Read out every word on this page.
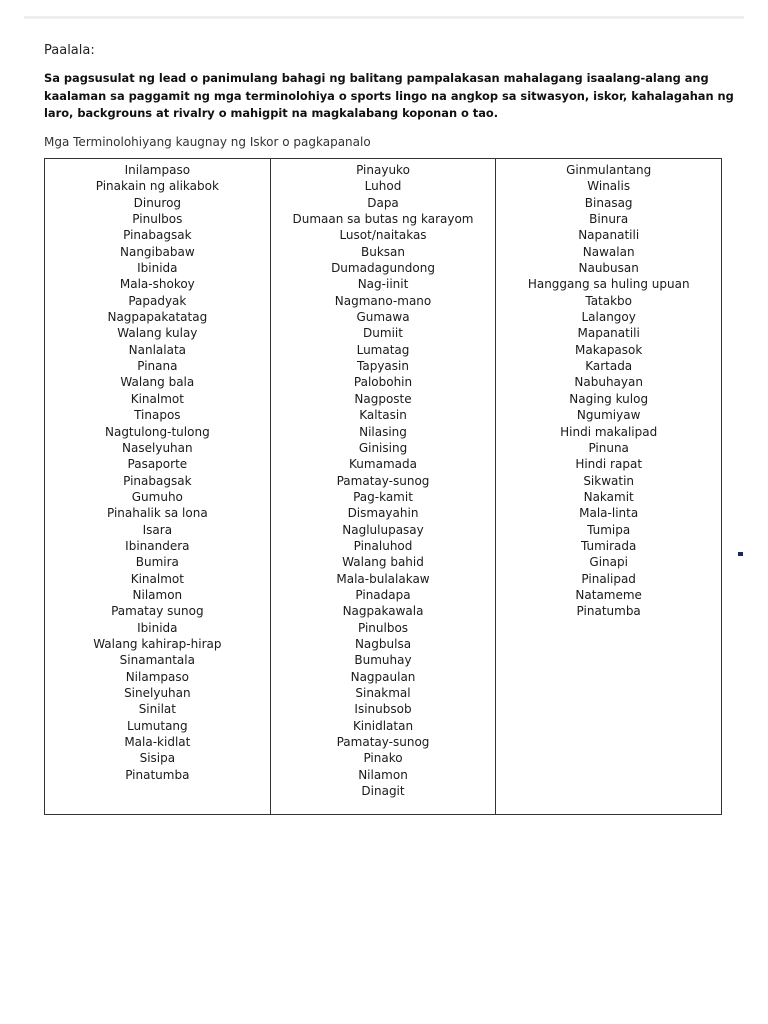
Paalala:
Sa pagsusulat ng lead o panimulang bahagi ng balitang pampalakasan mahalagang isaalang-alang ang kaalaman sa paggamit ng mga terminolohiya o sports lingo na angkop sa sitwasyon, iskor, kahalagahan ng laro, backgrouns at rivalry o mahigpit na magkalabang koponan o tao.
Mga Terminolohiyang kaugnay ng Iskor o pagkapanalo
Inilampaso
Pinakain ng alikabok
Dinurog
Pinulbos
Pinabagsak
Nangibabaw
Ibinida
Mala-shokoy
Papadyak
Nagpapakatatag
Walang kulay
Nanlalata
Pinana
Walang bala
Kinalmot
Tinapos
Nagtulong-tulong
Naselyuhan
Pasaporte
Pinabagsak
Gumuho
Pinahalik sa lona
Isara
Ibinandera
Bumira
Kinalmot
Nilamon
Pamatay sunog
Ibinida
Walang kahirap-hirap
Sinamantala
Nilampaso
Sinelyuhan
Sinilat
Lumutang
Mala-kidlat
Sisipa
Pinatumba
Pinayuko
Luhod
Dapa
Dumaan sa butas ng karayom
Lusot/naitakas
Buksan
Dumadagundong
Nag-iinit
Nagmano-mano
Gumawa
Dumiit
Lumatag
Tapyasin
Palobohin
Nagposte
Kaltasin
Nilasing
Ginising
Kumamada
Pamatay-sunog
Pag-kamit
Dismayahin
Naglulupasay
Pinaluhod
Walang bahid
Mala-bulalakaw
Pinadapa
Nagpakawala
Pinulbos
Nagbulsa
Bumuhay
Nagpaulan
Sinakmal
Isinubsob
Kinidlatan
Pamatay-sunog
Pinako
Nilamon
Dinagit
Ginmulantang
Winalis
Binasag
Binura
Napanatili
Nawalan
Naubusan
Hanggang sa huling upuan
Tatakbo
Lalangoy
Mapanatili
Makapasok
Kartada
Nabuhayan
Naging kulog
Ngumiyaw
Hindi makalipad
Pinuna
Hindi rapat
Sikwatin
Nakamit
Mala-linta
Tumipa
Tumirada
Ginapi
Pinalipad
Natameme
Pinatumba
